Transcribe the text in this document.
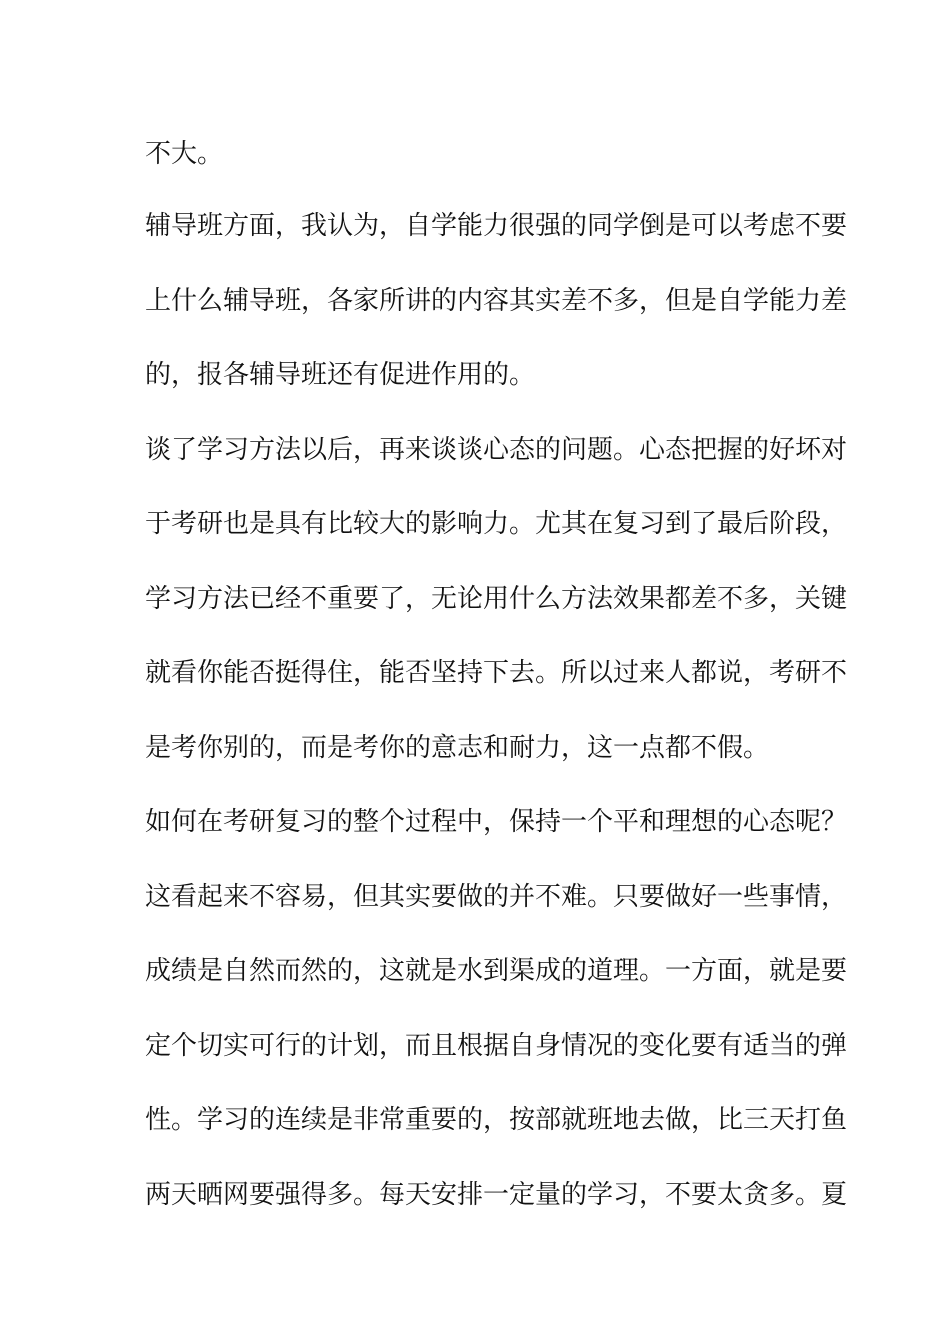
不大。
辅导班方面，我认为，自学能力很强的同学倒是可以考虑不要
上什么辅导班，各家所讲的内容其实差不多，但是自学能力差
的，报各辅导班还有促进作用的。
谈了学习方法以后，再来谈谈心态的问题。心态把握的好坏对
于考研也是具有比较大的影响力。尤其在复习到了最后阶段，
学习方法已经不重要了，无论用什么方法效果都差不多，关键
就看你能否挺得住，能否坚持下去。所以过来人都说，考研不
是考你别的，而是考你的意志和耐力，这一点都不假。
如何在考研复习的整个过程中，保持一个平和理想的心态呢？
这看起来不容易，但其实要做的并不难。只要做好一些事情，
成绩是自然而然的，这就是水到渠成的道理。一方面，就是要
定个切实可行的计划，而且根据自身情况的变化要有适当的弹
性。学习的连续是非常重要的，按部就班地去做，比三天打鱼
两天晒网要强得多。每天安排一定量的学习，不要太贪多。夏
